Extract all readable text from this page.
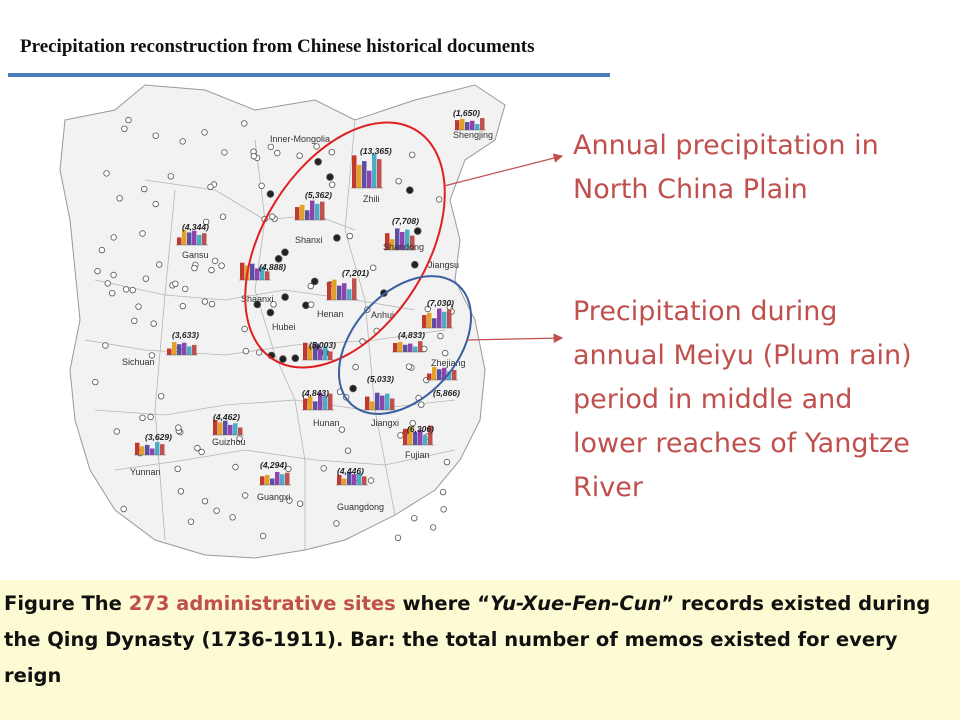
Precipitation reconstruction from Chinese historical documents
Inner-Mongolia	Shengjing
(1,650)
Zhili
(13,365)
Shanxi
(5,362)
Shandong
(7,708)
Gansu
(4,344)
Shaanxi
(4,888)
Henan
(7,201)
Jiangsu
Anhui
(7,030)
Hubei
Sichuan
(3,633)
(5,003)
(4,833)
Zhejiang
Hunan
(4,843)
Jiangxi
(5,033)
(5,866)
Guizhou
(4,462)
Fujian
(6,306)
Yunnan
(3,629)
Guangxi
(4,294)
Guangdong
(4,446)
Annual precipitation in North China Plain
Precipitation during annual Meiyu (Plum rain) period in middle and lower reaches of Yangtze River
Figure The 273 administrative sites where “Yu-Xue-Fen-Cun” records existed during the Qing Dynasty (1736-1911). Bar: the total number of memos existed for every reign
